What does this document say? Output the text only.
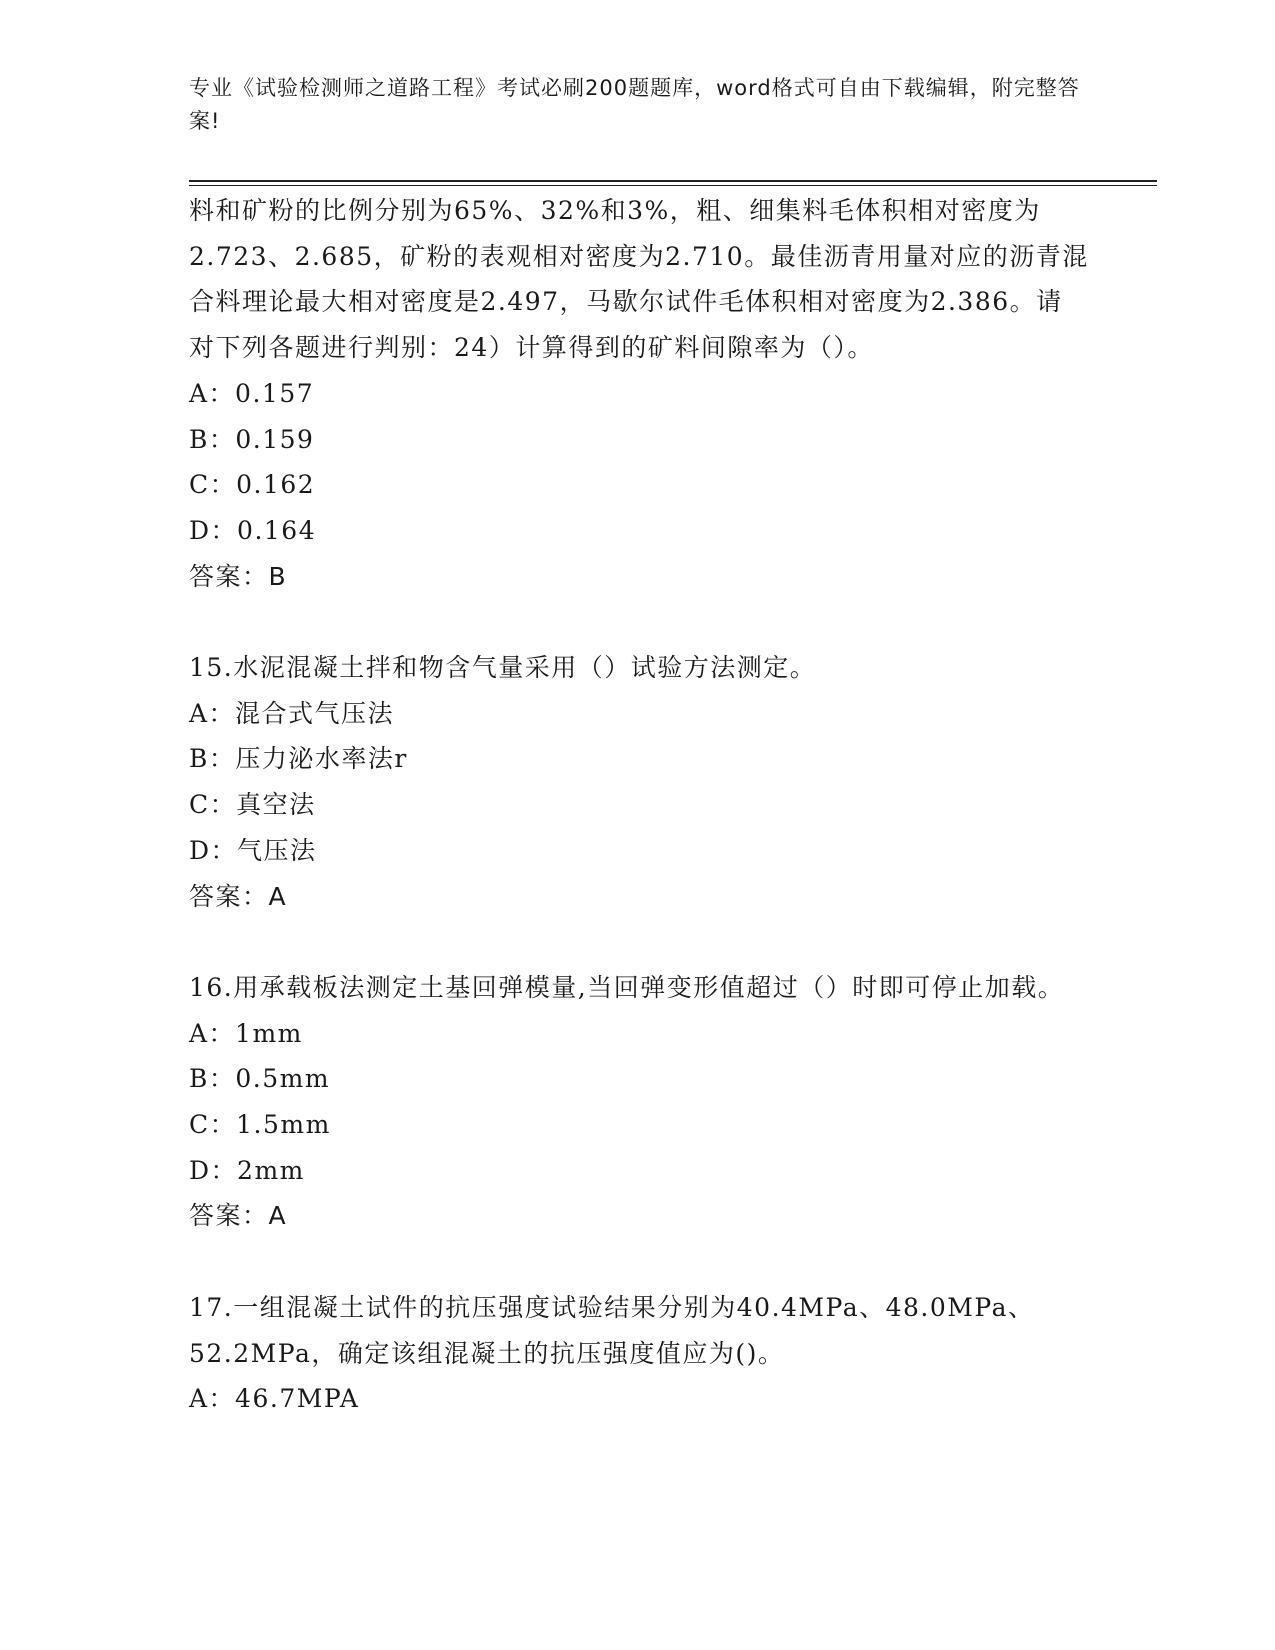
专业《试验检测师之道路工程》考试必刷200题题库，word格式可自由下载编辑，附完整答案!

料和矿粉的比例分别为65%、32%和3%，粗、细集料毛体积相对密度为2.723、2.685，矿粉的表观相对密度为2.710。最佳沥青用量对应的沥青混合料理论最大相对密度是2.497，马歇尔试件毛体积相对密度为2.386。请对下列各题进行判别：24）计算得到的矿料间隙率为（）。

A：0.157

B：0.159

C：0.162

D：0.164

答案：B

15.水泥混凝土拌和物含气量采用（）试验方法测定。

A：混合式气压法

B：压力泌水率法r

C：真空法

D：气压法

答案：A

16.用承载板法测定土基回弹模量,当回弹变形值超过（）时即可停止加载。

A：1mm

B：0.5mm

C：1.5mm

D：2mm

答案：A

17.一组混凝土试件的抗压强度试验结果分别为40.4MPa、48.0MPa、52.2MPa，确定该组混凝土的抗压强度值应为()。

A：46.7MPA
